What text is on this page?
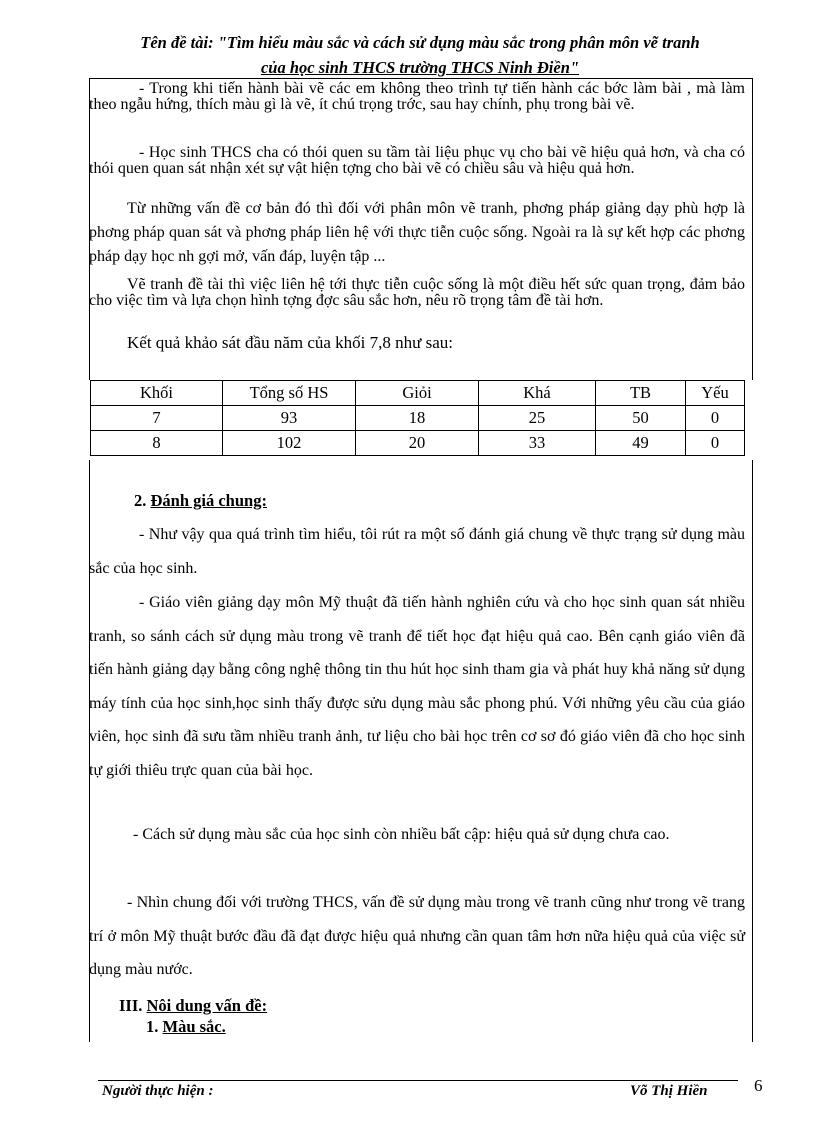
Tên đề tài: "Tìm hiểu màu sắc và cách sử dụng màu sắc trong phân môn vẽ tranh
của học sinh THCS trường THCS Ninh Điền"

- Trong khi tiến hành bài vẽ các em không theo trình tự tiến hành các bớc làm bài , mà làm theo ngẫu hứng, thích màu gì là vẽ, ít chú trọng trớc, sau hay chính, phụ trong bài vẽ.

- Học sinh THCS cha có thói quen su tầm tài liệu phục vụ cho bài vẽ hiệu quả hơn, và cha có thói quen quan sát nhận xét sự vật hiện tợng cho bài vẽ có chiều sâu và hiệu quả hơn.

Từ những vấn đề cơ bản đó thì đối với phân môn vẽ tranh, phơng pháp giảng dạy phù hợp là phơng pháp quan sát và phơng pháp liên hệ với thực tiễn cuộc sống. Ngoài ra là sự kết hợp các phơng pháp dạy học nh gợi mở, vấn đáp, luyện tập ...

Vẽ tranh đề tài thì việc liên hệ tới thực tiễn cuộc sống là một điều hết sức quan trọng, đảm bảo cho việc tìm và lựa chọn hình tợng đợc sâu sắc hơn, nêu rõ trọng tâm đề tài hơn.

Kết quả khảo sát đầu năm của khối 7,8 như sau:

Khối	Tổng số HS	Giỏi	Khá	TB	Yếu
7	93	18	25	50	0
8	102	20	33	49	0
2. Đánh giá chung:

- Như vậy qua quá trình tìm hiểu, tôi rút ra một số đánh giá chung về thực trạng sử dụng màu sắc của học sinh.

- Giáo viên giảng dạy môn Mỹ thuật đã tiến hành nghiên cứu và cho học sinh quan sát nhiều tranh, so sánh cách sử dụng màu trong vẽ tranh để tiết học đạt hiệu quả cao. Bên cạnh giáo viên đã tiến hành giảng dạy bằng công nghệ thông tin thu hút học sinh tham gia và phát huy khả năng sử dụng máy tính của học sinh,học sinh thấy được sửu dụng màu sắc phong phú. Với những yêu cầu của giáo viên, học sinh đã sưu tầm nhiều tranh ảnh, tư liệu cho bài học trên cơ sơ đó giáo viên đã cho học sinh tự giới thiêu trực quan của bài học.

- Cách sử dụng màu sắc của học sinh còn nhiều bất cập: hiệu quả sử dụng chưa cao.

- Nhìn chung đối với trường THCS, vấn đề sử dụng màu trong vẽ tranh cũng như trong vẽ trang trí ở môn Mỹ thuật bước đầu đã đạt được hiệu quả nhưng cần quan tâm hơn nữa hiệu quả của việc sử dụng màu nước.

III. Nôi dung vấn đề:
1. Màu sắc.
Người thực hiện :	Võ Thị Hiền	6
